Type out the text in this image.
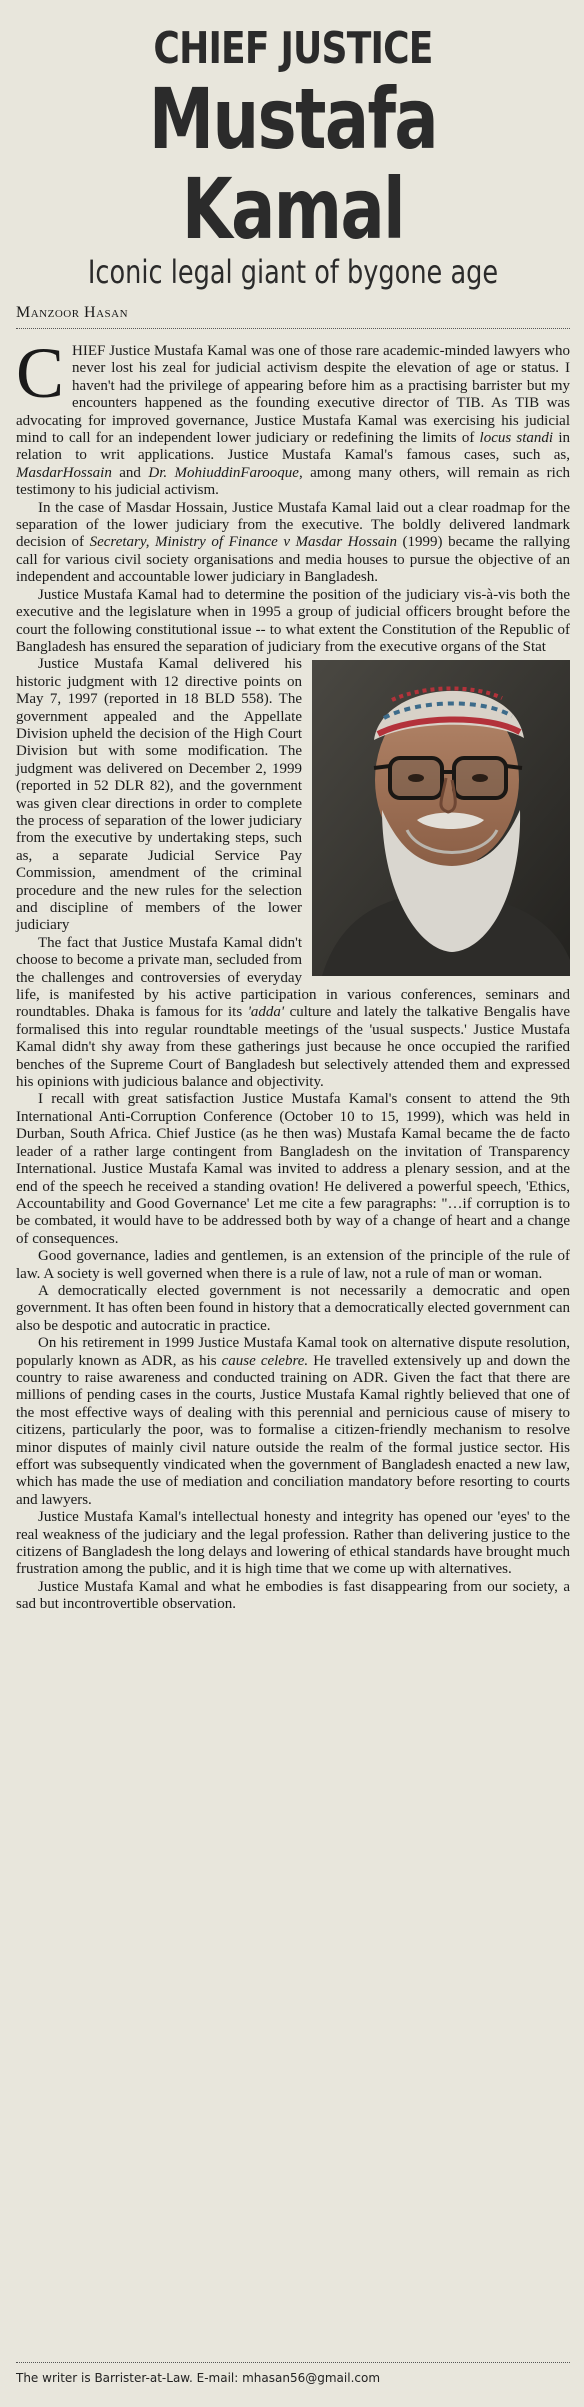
CHIEF JUSTICE
Mustafa Kamal
Iconic legal giant of bygone age
Manzoor Hasan

CHIEF Justice Mustafa Kamal was one of those rare academic-minded lawyers who never lost his zeal for judicial activism despite the elevation of age or status. I haven't had the privilege of appearing before him as a practising barrister but my encounters happened as the founding executive director of TIB. As TIB was advocating for improved governance, Justice Mustafa Kamal was exercising his judicial mind to call for an independent lower judiciary or redefining the limits of locus standi in relation to writ applications. Justice Mustafa Kamal's famous cases, such as, MasdarHossain and Dr. MohiuddinFarooque, among many others, will remain as rich testimony to his judicial activism.

In the case of Masdar Hossain, Justice Mustafa Kamal laid out a clear roadmap for the separation of the lower judiciary from the executive. The boldly delivered landmark decision of Secretary, Ministry of Finance v Masdar Hossain (1999) became the rallying call for various civil society organisations and media houses to pursue the objective of an independent and accountable lower judiciary in Bangladesh.

Justice Mustafa Kamal had to determine the position of the judiciary vis-à-vis both the executive and the legislature when in 1995 a group of judicial officers brought before the court the following constitutional issue -- to what extent the Constitution of the Republic of Bangladesh has ensured the separation of judiciary from the executive organs of the Stat

Justice Mustafa Kamal delivered his historic judgment with 12 directive points on May 7, 1997 (reported in 18 BLD 558). The government appealed and the Appellate Division upheld the decision of the High Court Division but with some modification. The judgment was delivered on December 2, 1999 (reported in 52 DLR 82), and the government was given clear directions in order to complete the process of separation of the lower judiciary from the executive by undertaking steps, such as, a separate Judicial Service Pay Commission, amendment of the criminal procedure and the new rules for the selection and discipline of members of the lower judiciary

The fact that Justice Mustafa Kamal didn't choose to become a private man, secluded from the challenges and controversies of everyday life, is manifested by his active participation in various conferences, seminars and roundtables. Dhaka is famous for its 'adda' culture and lately the talkative Bengalis have formalised this into regular roundtable meetings of the 'usual suspects.' Justice Mustafa Kamal didn't shy away from these gatherings just because he once occupied the rarified benches of the Supreme Court of Bangladesh but selectively attended them and expressed his opinions with judicious balance and objectivity.

I recall with great satisfaction Justice Mustafa Kamal's consent to attend the 9th International Anti-Corruption Conference (October 10 to 15, 1999), which was held in Durban, South Africa. Chief Justice (as he then was) Mustafa Kamal became the de facto leader of a rather large contingent from Bangladesh on the invitation of Transparency International. Justice Mustafa Kamal was invited to address a plenary session, and at the end of the speech he received a standing ovation! He delivered a powerful speech, 'Ethics, Accountability and Good Governance' Let me cite a few paragraphs: "…if corruption is to be combated, it would have to be addressed both by way of a change of heart and a change of consequences.

Good governance, ladies and gentlemen, is an extension of the principle of the rule of law. A society is well governed when there is a rule of law, not a rule of man or woman.

A democratically elected government is not necessarily a democratic and open government. It has often been found in history that a democratically elected government can also be despotic and autocratic in practice.

On his retirement in 1999 Justice Mustafa Kamal took on alternative dispute resolution, popularly known as ADR, as his cause celebre. He travelled extensively up and down the country to raise awareness and conducted training on ADR. Given the fact that there are millions of pending cases in the courts, Justice Mustafa Kamal rightly believed that one of the most effective ways of dealing with this perennial and pernicious cause of misery to citizens, particularly the poor, was to formalise a citizen-friendly mechanism to resolve minor disputes of mainly civil nature outside the realm of the formal justice sector. His effort was subsequently vindicated when the government of Bangladesh enacted a new law, which has made the use of mediation and conciliation mandatory before resorting to courts and lawyers.

Justice Mustafa Kamal's intellectual honesty and integrity has opened our 'eyes' to the real weakness of the judiciary and the legal profession. Rather than delivering justice to the citizens of Bangladesh the long delays and lowering of ethical standards have brought much frustration among the public, and it is high time that we come up with alternatives.

Justice Mustafa Kamal and what he embodies is fast disappearing from our society, a sad but incontrovertible observation.

The writer is Barrister-at-Law. E-mail: mhasan56@gmail.com
